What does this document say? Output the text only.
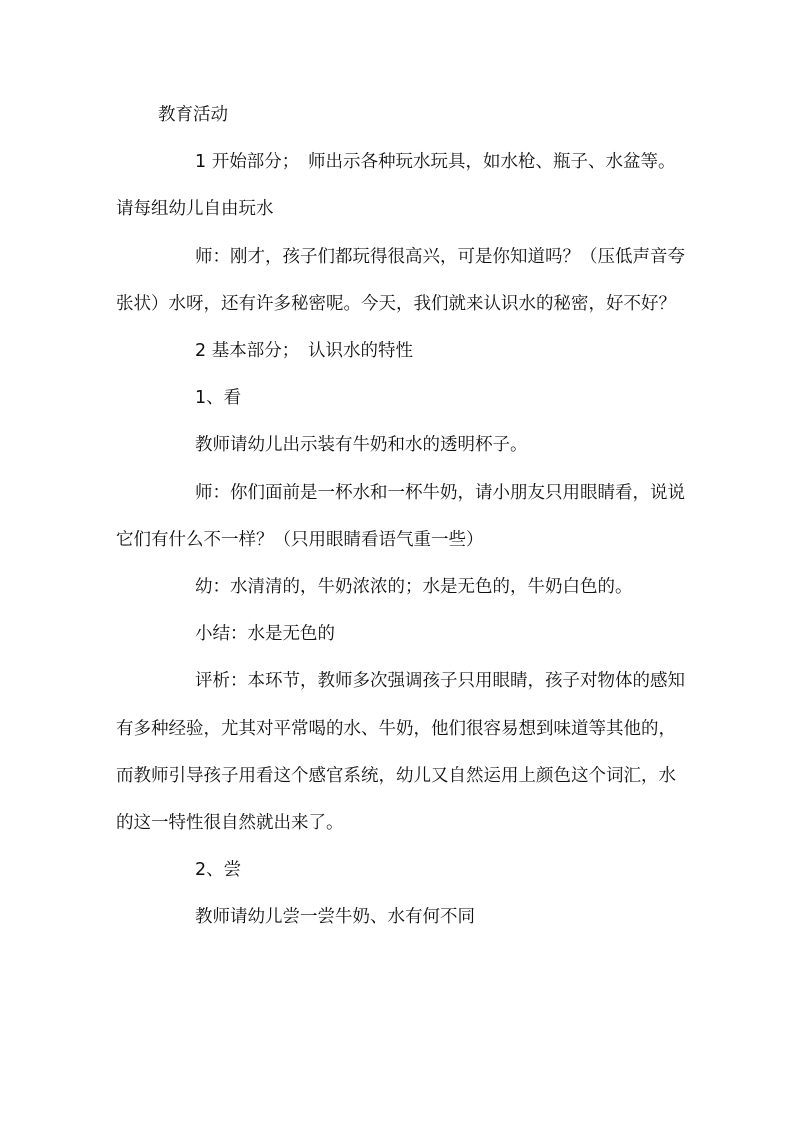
教育活动

1 开始部分；　师出示各种玩水玩具，如水枪、瓶子、水盆等。请每组幼儿自由玩水

师：刚才，孩子们都玩得很高兴，可是你知道吗？（压低声音夸张状）水呀，还有许多秘密呢。今天，我们就来认识水的秘密，好不好？

2 基本部分；　认识水的特性

1、看

教师请幼儿出示装有牛奶和水的透明杯子。

师：你们面前是一杯水和一杯牛奶，请小朋友只用眼睛看，说说它们有什么不一样？（只用眼睛看语气重一些）

幼：水清清的，牛奶浓浓的；水是无色的，牛奶白色的。

小结：水是无色的

评析：本环节，教师多次强调孩子只用眼睛，孩子对物体的感知有多种经验，尤其对平常喝的水、牛奶，他们很容易想到味道等其他的，而教师引导孩子用看这个感官系统，幼儿又自然运用上颜色这个词汇，水的这一特性很自然就出来了。

2、尝

教师请幼儿尝一尝牛奶、水有何不同
